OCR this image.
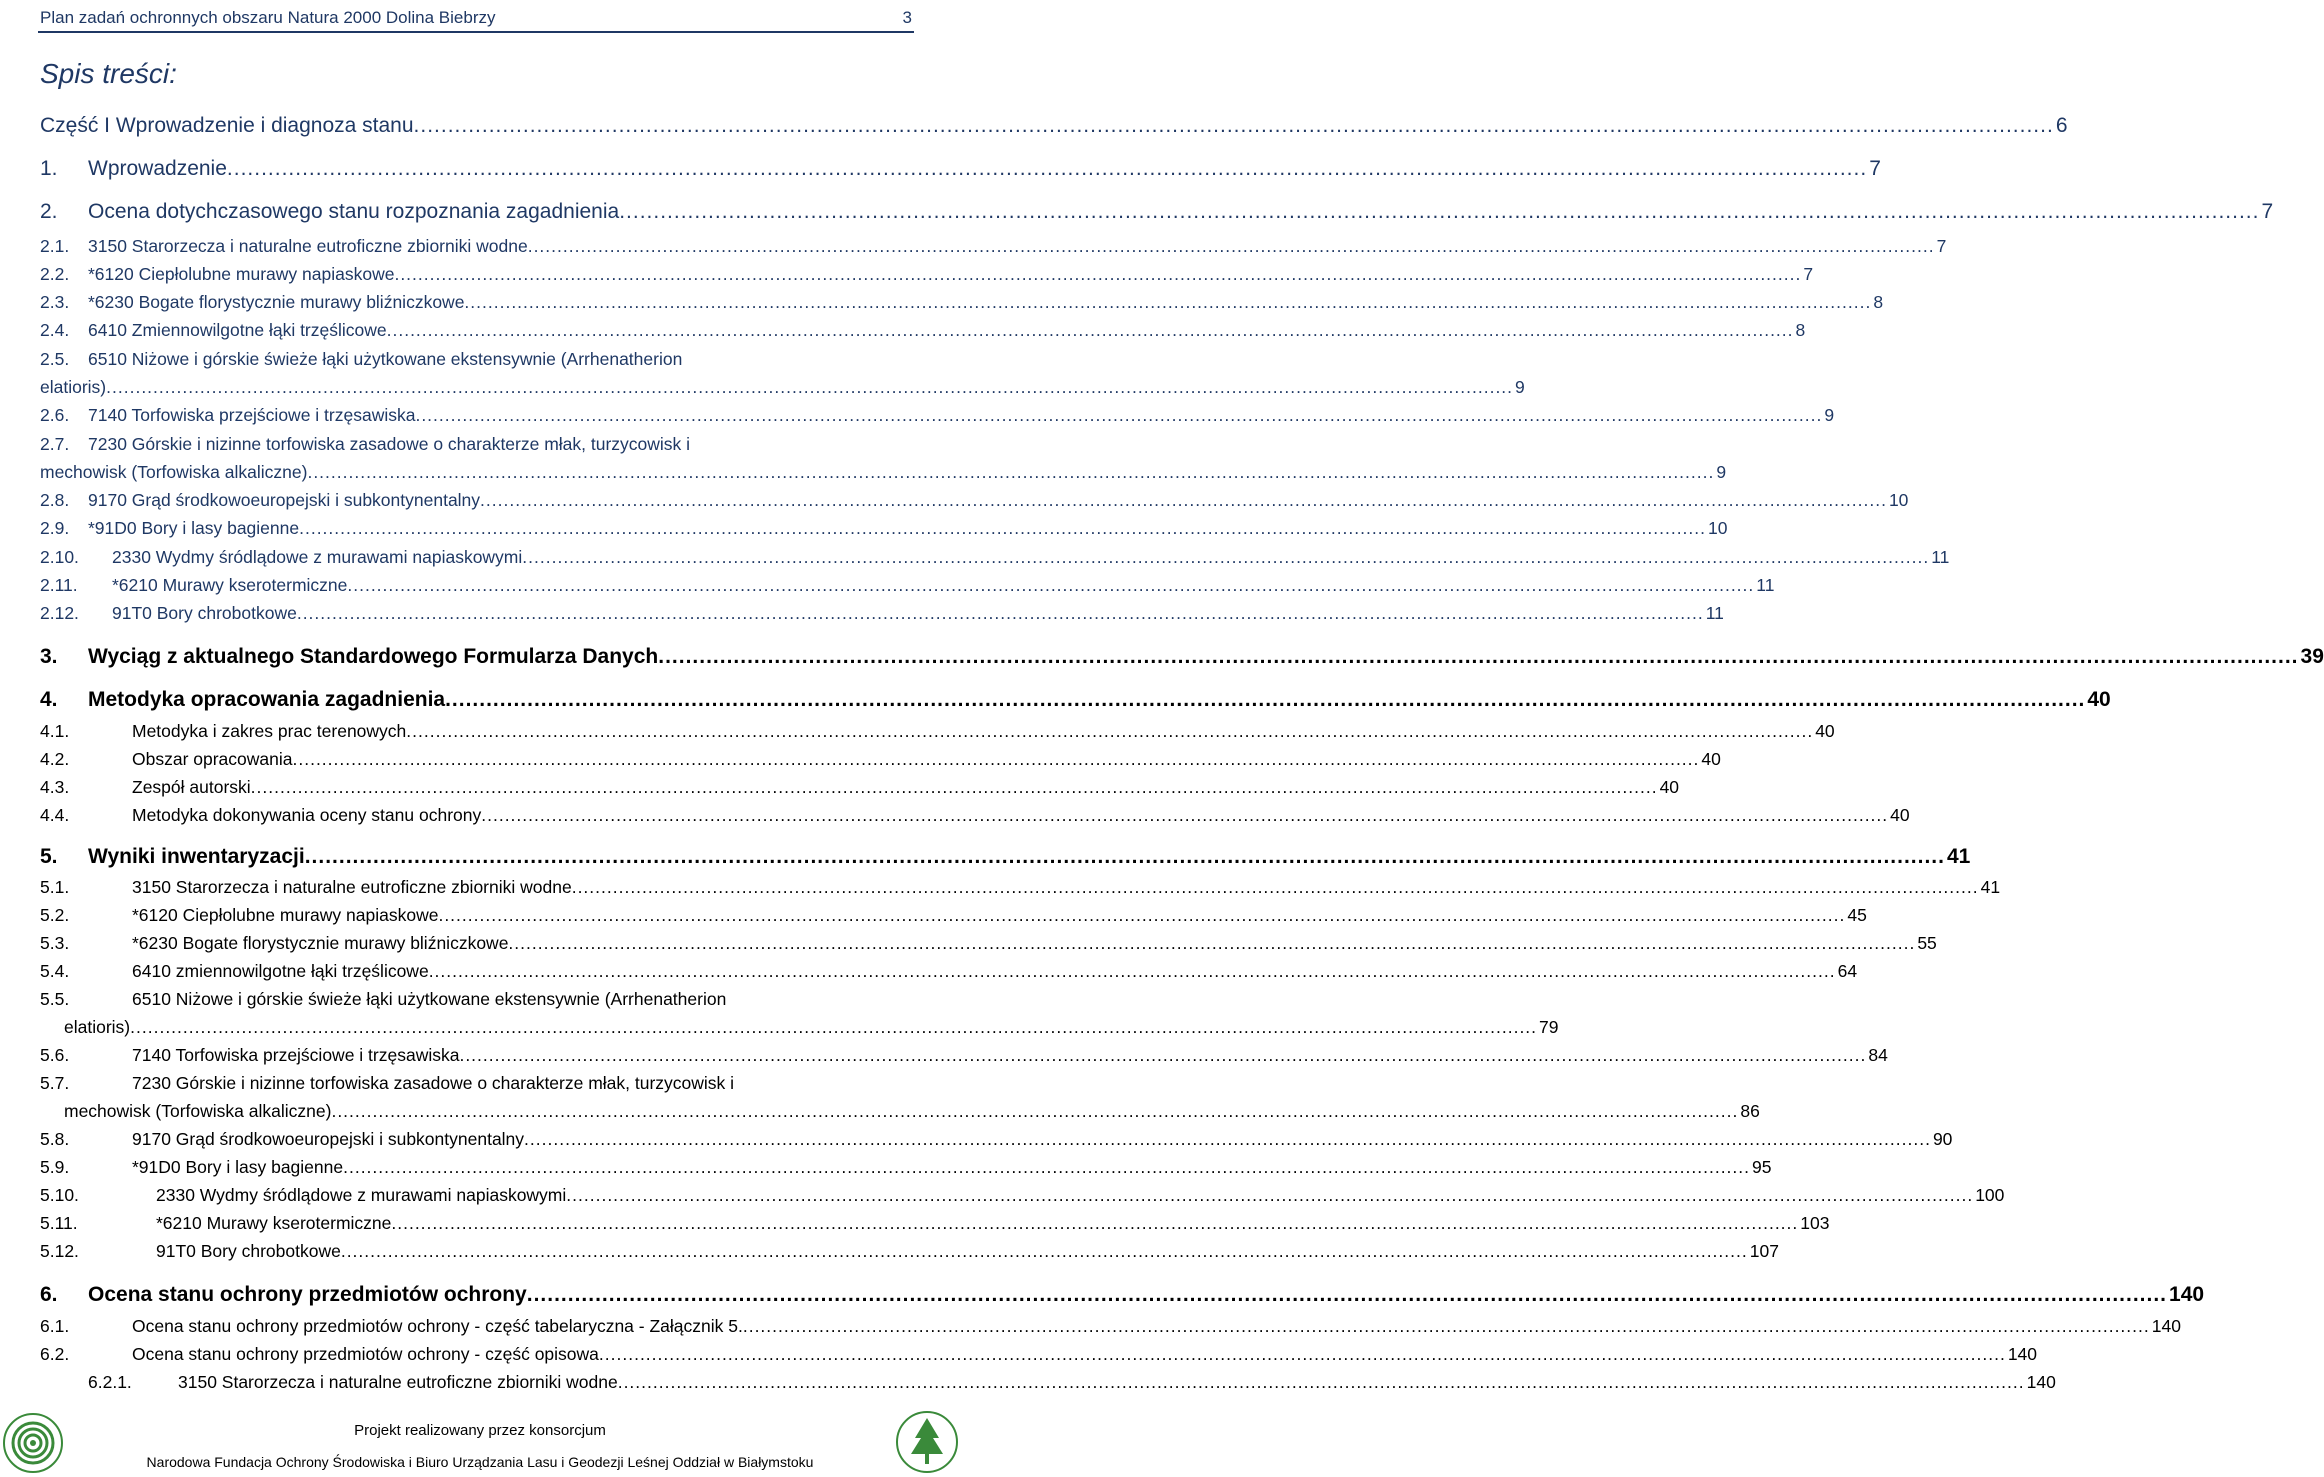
Plan zadań ochronnych obszaru Natura 2000 Dolina Biebrzy	3
Spis treści:
Część I Wprowadzenie i diagnoza stanu .....	6
1.	Wprowadzenie .....	7
2.	Ocena dotychczasowego stanu rozpoznania zagadnienia .....	7
2.1.	3150 Starorzecza i naturalne eutroficzne zbiorniki wodne .....	7
2.2.	*6120 Ciepłolubne murawy napiaskowe .....	7
2.3.	*6230 Bogate florystycznie murawy bliźniczkowe .....	8
2.4.	6410 Zmiennowilgotne łąki trzęślicowe .....	8
2.5.	6510 Niżowe i górskie świeże łąki użytkowane ekstensywnie (Arrhenatherion
elatioris) .....	9
2.6.	7140 Torfowiska przejściowe i trzęsawiska .....	9
2.7.	7230 Górskie i nizinne torfowiska zasadowe o charakterze młak, turzycowisk i
mechowisk (Torfowiska alkaliczne) .....	9
2.8.	9170 Grąd środkowoeuropejski i subkontynentalny .....	10
2.9.	*91D0 Bory i lasy bagienne .....	10
2.10.	2330 Wydmy śródlądowe z murawami napiaskowymi .....	11
2.11.	*6210 Murawy kserotermiczne .....	11
2.12.	91T0 Bory chrobotkowe .....	11
3.	Wyciąg z aktualnego Standardowego Formularza Danych .....	39
4.	Metodyka opracowania zagadnienia .....	40
4.1.	Metodyka i zakres prac terenowych .....	40
4.2.	Obszar opracowania .....	40
4.3.	Zespół autorski .....	40
4.4.	Metodyka dokonywania oceny stanu ochrony .....	40
5.	Wyniki inwentaryzacji .....	41
5.1.	3150 Starorzecza i naturalne eutroficzne zbiorniki wodne .....	41
5.2.	*6120 Ciepłolubne murawy napiaskowe .....	45
5.3.	*6230 Bogate florystycznie murawy bliźniczkowe .....	55
5.4.	6410 zmiennowilgotne łąki trzęślicowe .....	64
5.5.	6510 Niżowe i górskie świeże łąki użytkowane ekstensywnie (Arrhenatherion
elatioris) .....	79
5.6.	7140 Torfowiska przejściowe i trzęsawiska .....	84
5.7.	7230 Górskie i nizinne torfowiska zasadowe o charakterze młak, turzycowisk i
mechowisk (Torfowiska alkaliczne) .....	86
5.8.	9170 Grąd środkowoeuropejski i subkontynentalny .....	90
5.9.	*91D0 Bory i lasy bagienne .....	95
5.10.	2330 Wydmy śródlądowe z murawami napiaskowymi .....	100
5.11.	*6210 Murawy kserotermiczne .....	103
5.12.	91T0 Bory chrobotkowe .....	107
6.	Ocena stanu ochrony przedmiotów ochrony .....	140
6.1.	Ocena stanu ochrony przedmiotów ochrony - część tabelaryczna - Załącznik 5. .....	140
6.2.	Ocena stanu ochrony przedmiotów ochrony - część opisowa .....	140
6.2.1.	3150 Starorzecza i naturalne eutroficzne zbiorniki wodne .....	140
Projekt realizowany przez konsorcjum
Narodowa Fundacja Ochrony Środowiska i Biuro Urządzania Lasu i Geodezji Leśnej Oddział w Białymstoku
